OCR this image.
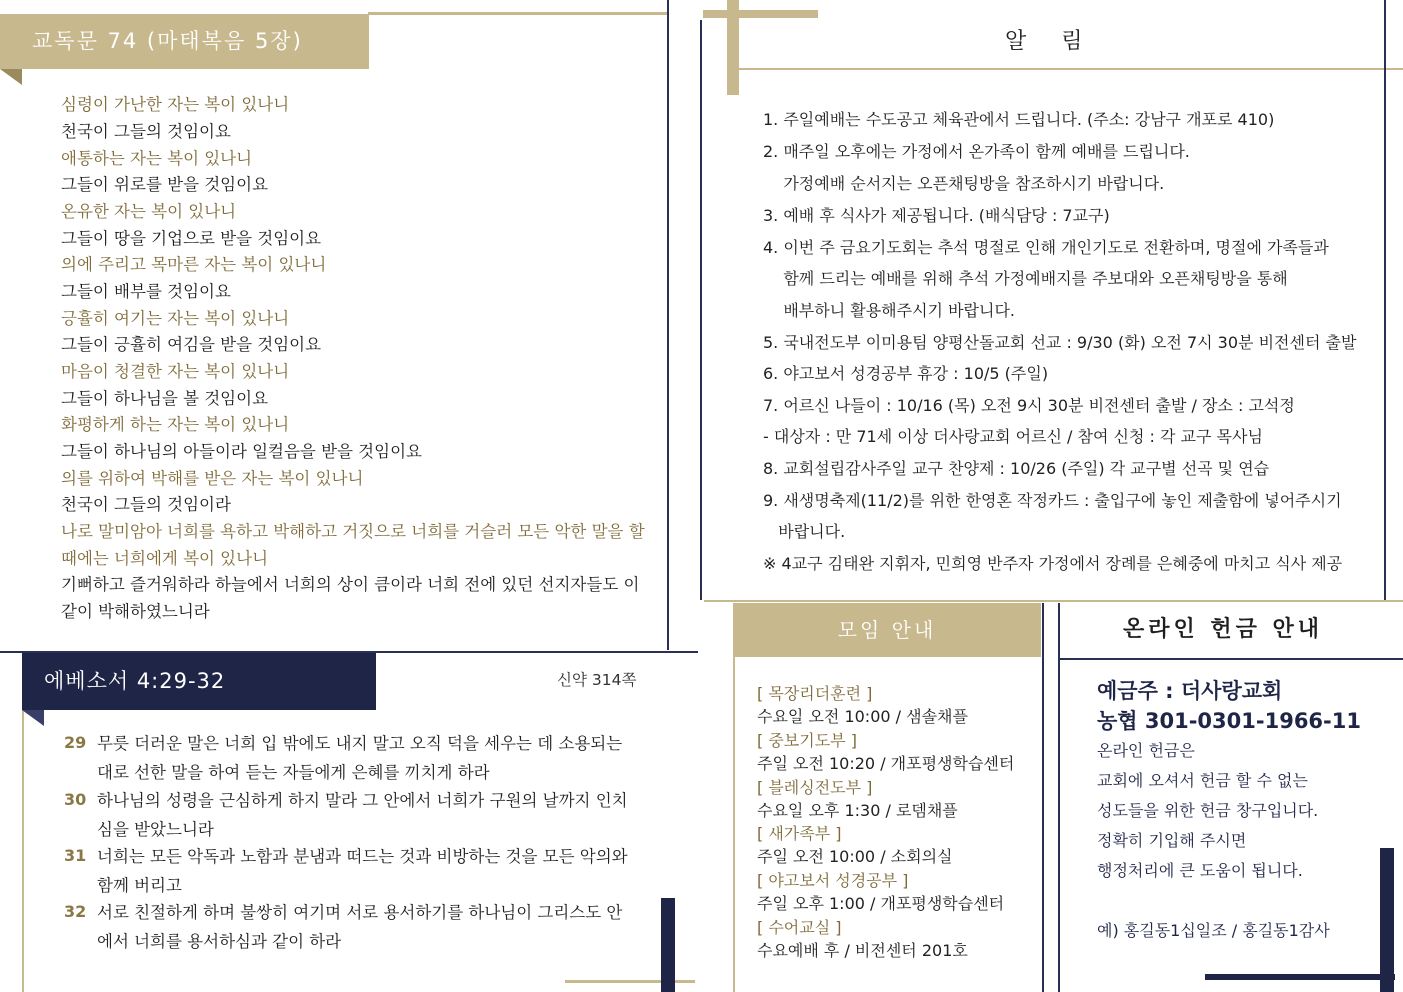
교독문 74 (마태복음 5장)
심령이 가난한 자는 복이 있나니
천국이 그들의 것임이요
애통하는 자는 복이 있나니
그들이 위로를 받을 것임이요
온유한 자는 복이 있나니
그들이 땅을 기업으로 받을 것임이요
의에 주리고 목마른 자는 복이 있나니
그들이 배부를 것임이요
긍휼히 여기는 자는 복이 있나니
그들이 긍휼히 여김을 받을 것임이요
마음이 청결한 자는 복이 있나니
그들이 하나님을 볼 것임이요
화평하게 하는 자는 복이 있나니
그들이 하나님의 아들이라 일컬음을 받을 것임이요
의를 위하여 박해를 받은 자는 복이 있나니
천국이 그들의 것임이라
나로 말미암아 너희를 욕하고 박해하고 거짓으로 너희를 거슬러 모든 악한 말을 할
때에는 너희에게 복이 있나니
기뻐하고 즐거워하라 하늘에서 너희의 상이 큼이라 너희 전에 있던 선지자들도 이
같이 박해하였느니라
에베소서 4:29-32	신약 314쪽
29 무릇 더러운 말은 너희 입 밖에도 내지 말고 오직 덕을 세우는 데 소용되는
대로 선한 말을 하여 듣는 자들에게 은혜를 끼치게 하라
30 하나님의 성령을 근심하게 하지 말라 그 안에서 너희가 구원의 날까지 인치
심을 받았느니라
31 너희는 모든 악독과 노함과 분냄과 떠드는 것과 비방하는 것을 모든 악의와
함께 버리고
32 서로 친절하게 하며 불쌍히 여기며 서로 용서하기를 하나님이 그리스도 안
에서 너희를 용서하심과 같이 하라
알 림
1. 주일예배는 수도공고 체육관에서 드립니다. (주소: 강남구 개포로 410)
2. 매주일 오후에는 가정에서 온가족이 함께 예배를 드립니다.
가정예배 순서지는 오픈채팅방을 참조하시기 바랍니다.
3. 예배 후 식사가 제공됩니다. (배식담당 : 7교구)
4. 이번 주 금요기도회는 추석 명절로 인해 개인기도로 전환하며, 명절에 가족들과
함께 드리는 예배를 위해 추석 가정예배지를 주보대와 오픈채팅방을 통해
배부하니 활용해주시기 바랍니다.
5. 국내전도부 이미용팀 양평산돌교회 선교 : 9/30 (화) 오전 7시 30분 비전센터 출발
6. 야고보서 성경공부 휴강 : 10/5 (주일)
7. 어르신 나들이 : 10/16 (목) 오전 9시 30분 비전센터 출발 / 장소 : 고석정
- 대상자 : 만 71세 이상 더사랑교회 어르신 / 참여 신청 : 각 교구 목사님
8. 교회설립감사주일 교구 찬양제 : 10/26 (주일) 각 교구별 선곡 및 연습
9. 새생명축제(11/2)를 위한 한영혼 작정카드 : 출입구에 놓인 제출함에 넣어주시기
바랍니다.
※ 4교구 김태완 지휘자, 민희영 반주자 가정에서 장례를 은혜중에 마치고 식사 제공
모임 안내
[ 목장리더훈련 ]
수요일 오전 10:00 / 샘솔채플
[ 중보기도부 ]
주일 오전 10:20 / 개포평생학습센터
[ 블레싱전도부 ]
수요일 오후 1:30 / 로뎀채플
[ 새가족부 ]
주일 오전 10:00 / 소회의실
[ 야고보서 성경공부 ]
주일 오후 1:00 / 개포평생학습센터
[ 수어교실 ]
수요예배 후 / 비전센터 201호
온라인 헌금 안내
예금주 : 더사랑교회
농협 301-0301-1966-11
온라인 헌금은
교회에 오셔서 헌금 할 수 없는
성도들을 위한 헌금 창구입니다.
정확히 기입해 주시면
행정처리에 큰 도움이 됩니다.
예) 홍길동1십일조 / 홍길동1감사
